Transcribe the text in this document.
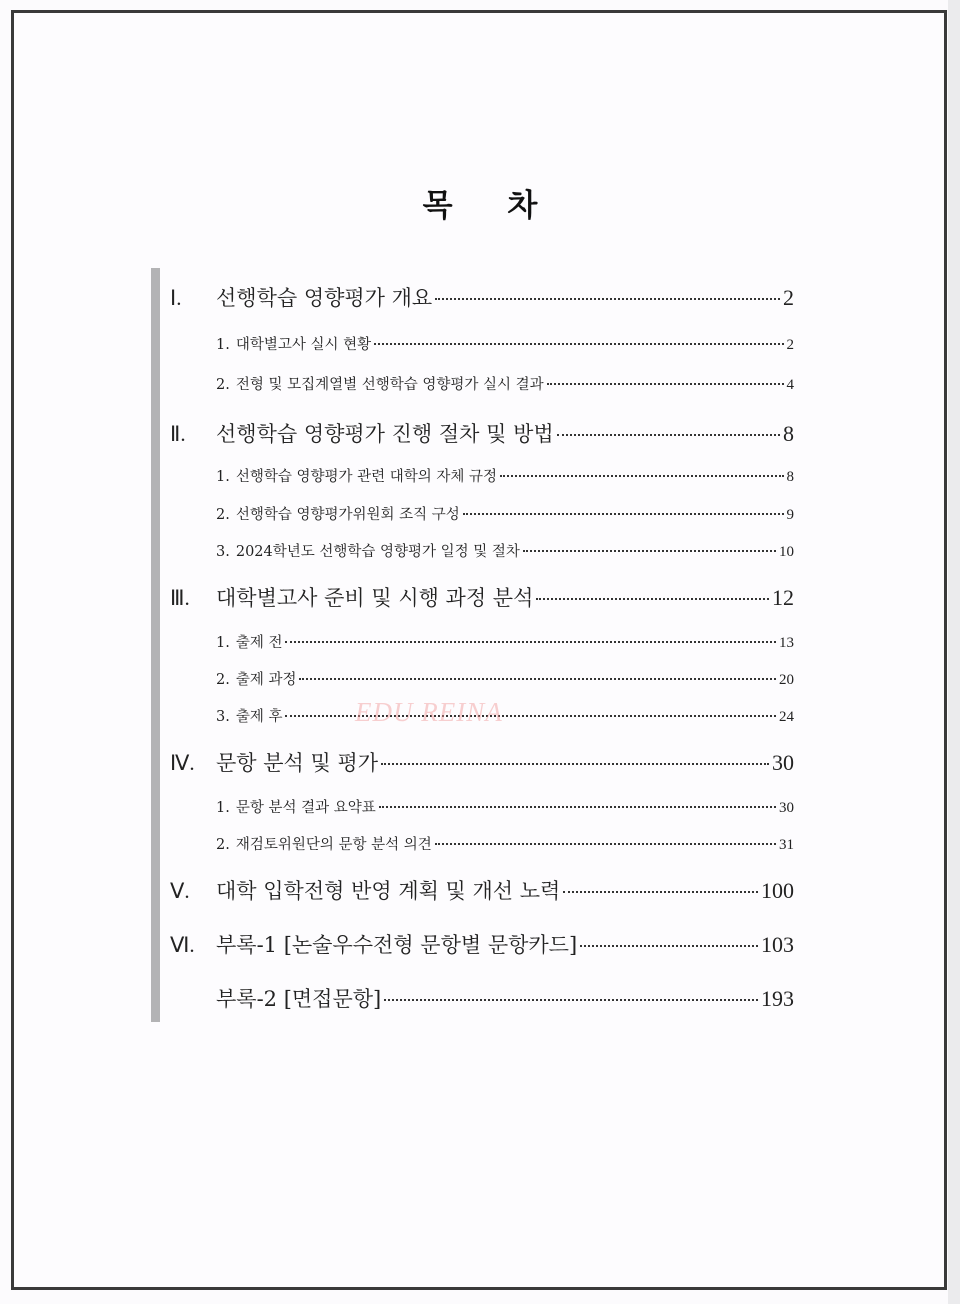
목 차
Ⅰ.	선행학습 영향평가 개요	2
1. 대학별고사 실시 현황	2
2. 전형 및 모집계열별 선행학습 영향평가 실시 결과	4
Ⅱ.	선행학습 영향평가 진행 절차 및 방법	8
1. 선행학습 영향평가 관련 대학의 자체 규정	8
2. 선행학습 영향평가위원회 조직 구성	9
3. 2024학년도 선행학습 영향평가 일정 및 절차	10
Ⅲ.	대학별고사 준비 및 시행 과정 분석	12
1. 출제 전	13
2. 출제 과정	20
3. 출제 후	24
Ⅳ.	문항 분석 및 평가	30
1. 문항 분석 결과 요약표	30
2. 재검토위원단의 문항 분석 의견	31
Ⅴ.	대학 입학전형 반영 계획 및 개선 노력	100
Ⅵ.	부록-1 [논술우수전형 문항별 문항카드]	103
부록-2 [면접문항]	193
EDU REINA
